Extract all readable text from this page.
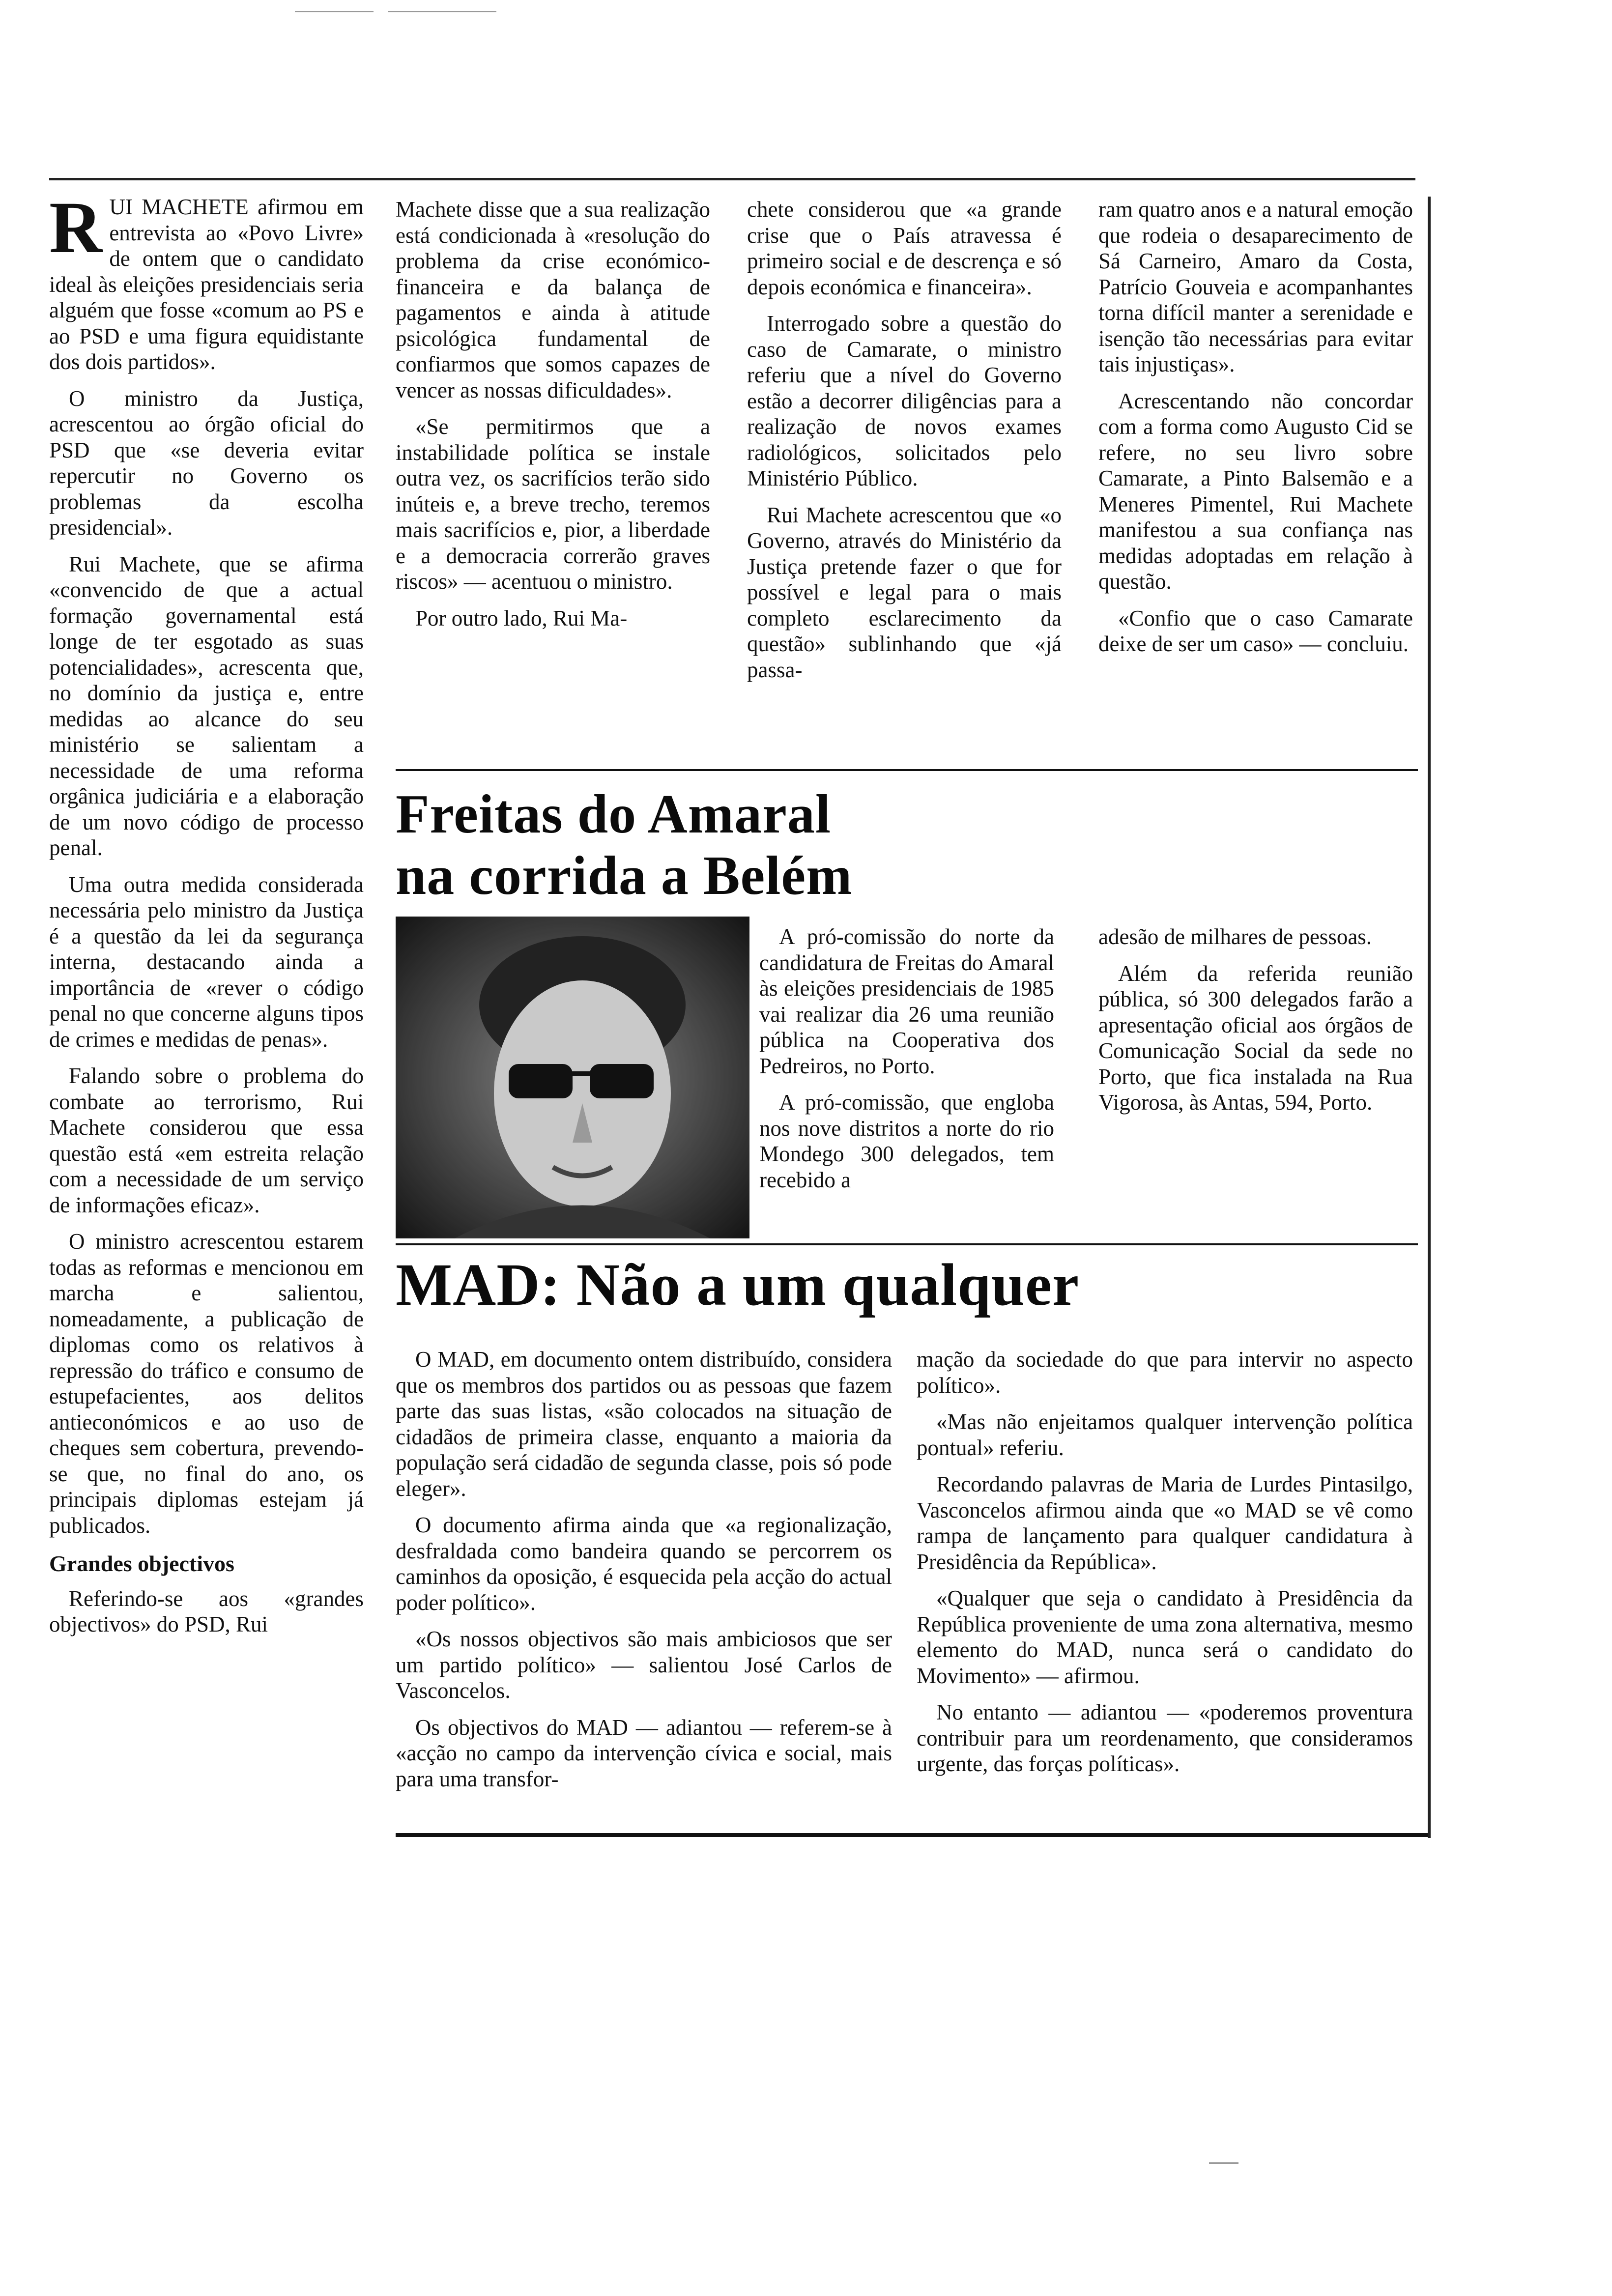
RUI MACHETE afirmou em entrevista ao «Povo Livre» de ontem que o candidato ideal às eleições presidenciais seria alguém que fosse «comum ao PS e ao PSD e uma figura equidistante dos dois partidos».

O ministro da Justiça, acrescentou ao órgão oficial do PSD que «se deveria evitar repercutir no Governo os problemas da escolha presidencial».

Rui Machete, que se afirma «convencido de que a actual formação governamental está longe de ter esgotado as suas potencialidades», acrescenta que, no domínio da justiça e, entre medidas ao alcance do seu ministério se salientam a necessidade de uma reforma orgânica judiciária e a elaboração de um novo código de processo penal.

Uma outra medida considerada necessária pelo ministro da Justiça é a questão da lei da segurança interna, destacando ainda a importância de «rever o código penal no que concerne alguns tipos de crimes e medidas de penas».

Falando sobre o problema do combate ao terrorismo, Rui Machete considerou que essa questão está «em estreita relação com a necessidade de um serviço de informações eficaz».

O ministro acrescentou estarem todas as reformas e mencionou em marcha e salientou, nomeadamente, a publicação de diplomas como os relativos à repressão do tráfico e consumo de estupefacientes, aos delitos antieconómicos e ao uso de cheques sem cobertura, prevendo-se que, no final do ano, os principais diplomas estejam já publicados.

Grandes objectivos

Referindo-se aos «grandes objectivos» do PSD, Rui

Machete disse que a sua realização está condicionada à «resolução do problema da crise económico-financeira e da balança de pagamentos e ainda à atitude psicológica fundamental de confiarmos que somos capazes de vencer as nossas dificuldades».

«Se permitirmos que a instabilidade política se instale outra vez, os sacrifícios terão sido inúteis e, a breve trecho, teremos mais sacrifícios e, pior, a liberdade e a democracia correrão graves riscos» — acentuou o ministro.

Por outro lado, Rui Ma-

chete considerou que «a grande crise que o País atravessa é primeiro social e de descrença e só depois económica e financeira».

Interrogado sobre a questão do caso de Camarate, o ministro referiu que a nível do Governo estão a decorrer diligências para a realização de novos exames radiológicos, solicitados pelo Ministério Público.

Rui Machete acrescentou que «o Governo, através do Ministério da Justiça pretende fazer o que for possível e legal para o mais completo esclarecimento da questão» sublinhando que «já passa-

ram quatro anos e a natural emoção que rodeia o desaparecimento de Sá Carneiro, Amaro da Costa, Patrício Gouveia e acompanhantes torna difícil manter a serenidade e isenção tão necessárias para evitar tais injustiças».

Acrescentando não concordar com a forma como Augusto Cid se refere, no seu livro sobre Camarate, a Pinto Balsemão e a Meneres Pimentel, Rui Machete manifestou a sua confiança nas medidas adoptadas em relação à questão.

«Confio que o caso Camarate deixe de ser um caso» — concluiu.

Freitas do Amaral
na corrida a Belém

A pró-comissão do norte da candidatura de Freitas do Amaral às eleições presidenciais de 1985 vai realizar dia 26 uma reunião pública na Cooperativa dos Pedreiros, no Porto.

A pró-comissão, que engloba nos nove distritos a norte do rio Mondego 300 delegados, tem recebido a

adesão de milhares de pessoas.

Além da referida reunião pública, só 300 delegados farão a apresentação oficial aos órgãos de Comunicação Social da sede no Porto, que fica instalada na Rua Vigorosa, às Antas, 594, Porto.

MAD: Não a um qualquer

O MAD, em documento ontem distribuído, considera que os membros dos partidos ou as pessoas que fazem parte das suas listas, «são colocados na situação de cidadãos de primeira classe, enquanto a maioria da população será cidadão de segunda classe, pois só pode eleger».

O documento afirma ainda que «a regionalização, desfraldada como bandeira quando se percorrem os caminhos da oposição, é esquecida pela acção do actual poder político».

«Os nossos objectivos são mais ambiciosos que ser um partido político» — salientou José Carlos de Vasconcelos.

Os objectivos do MAD — adiantou — referem-se à «acção no campo da intervenção cívica e social, mais para uma transfor-

mação da sociedade do que para intervir no aspecto político».

«Mas não enjeitamos qualquer intervenção política pontual» referiu.

Recordando palavras de Maria de Lurdes Pintasilgo, Vasconcelos afirmou ainda que «o MAD se vê como rampa de lançamento para qualquer candidatura à Presidência da República».

«Qualquer que seja o candidato à Presidência da República proveniente de uma zona alternativa, mesmo elemento do MAD, nunca será o candidato do Movimento» — afirmou.

No entanto — adiantou — «poderemos proventura contribuir para um reordenamento, que consideramos urgente, das forças políticas».
